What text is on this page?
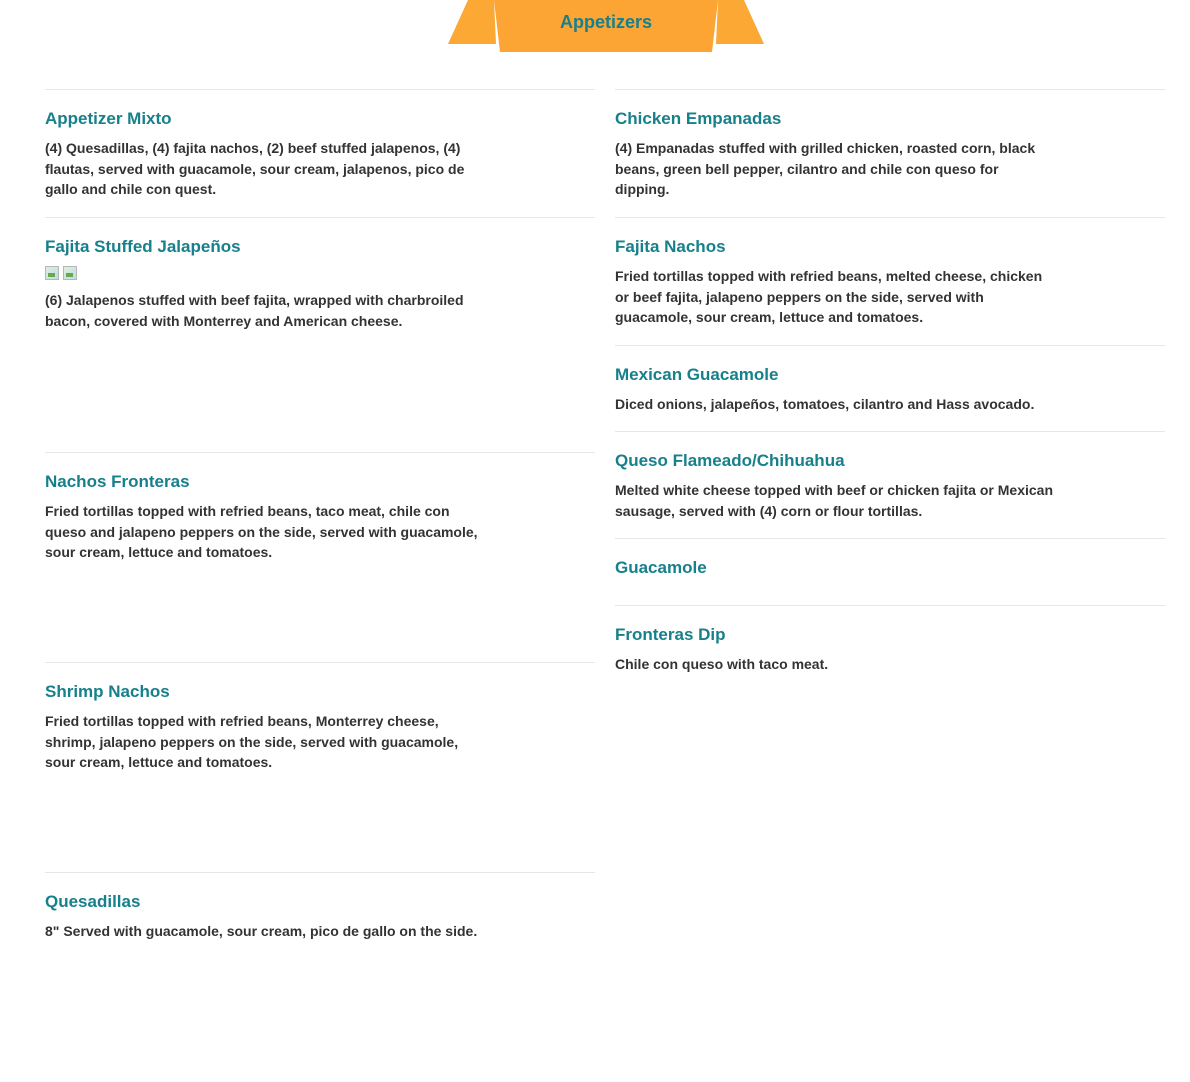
Appetizers
Appetizer Mixto

(4) Quesadillas, (4) fajita nachos, (2) beef stuffed jalapenos, (4) flautas, served with guacamole, sour cream, jalapenos, pico de gallo and chile con quest.

Fajita Stuffed Jalapeños

(6) Jalapenos stuffed with beef fajita, wrapped with charbroiled bacon, covered with Monterrey and American cheese.

Nachos Fronteras

Fried tortillas topped with refried beans, taco meat, chile con queso and jalapeno peppers on the side, served with guacamole, sour cream, lettuce and tomatoes.

Shrimp Nachos

Fried tortillas topped with refried beans, Monterrey cheese, shrimp, jalapeno peppers on the side, served with guacamole, sour cream, lettuce and tomatoes.

Quesadillas

8" Served with guacamole, sour cream, pico de gallo on the side.

Chicken Empanadas

(4) Empanadas stuffed with grilled chicken, roasted corn, black beans, green bell pepper, cilantro and chile con queso for dipping.

Fajita Nachos

Fried tortillas topped with refried beans, melted cheese, chicken or beef fajita, jalapeno peppers on the side, served with guacamole, sour cream, lettuce and tomatoes.

Mexican Guacamole

Diced onions, jalapeños, tomatoes, cilantro and Hass avocado.

Queso Flameado/Chihuahua

Melted white cheese topped with beef or chicken fajita or Mexican sausage, served with (4) corn or flour tortillas.

Guacamole
Fronteras Dip

Chile con queso with taco meat.
